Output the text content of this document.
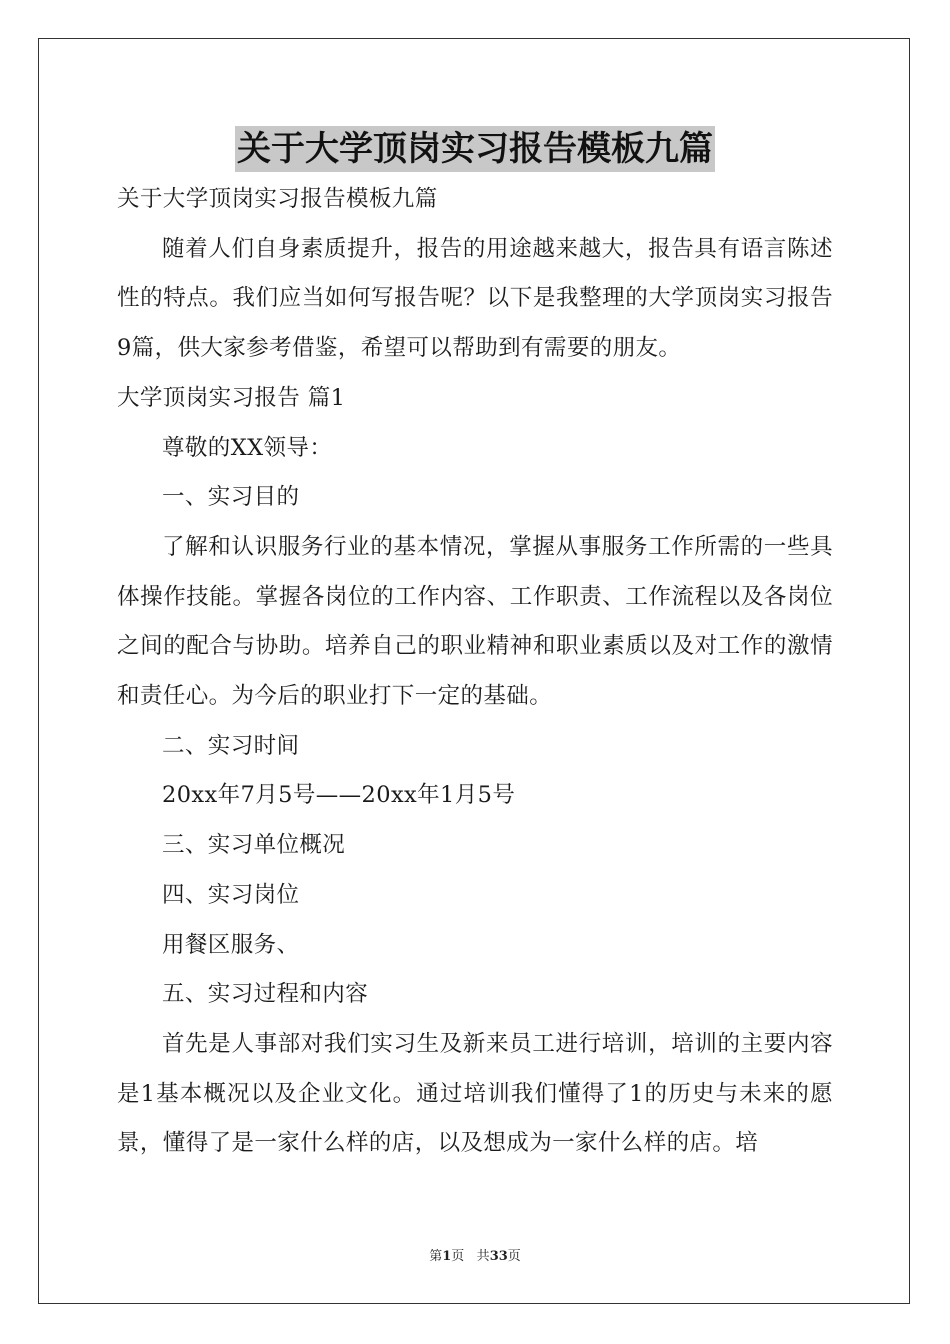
关于大学顶岗实习报告模板九篇

关于大学顶岗实习报告模板九篇

随着人们自身素质提升，报告的用途越来越大，报告具有语言陈述性的特点。我们应当如何写报告呢？以下是我整理的大学顶岗实习报告9篇，供大家参考借鉴，希望可以帮助到有需要的朋友。

大学顶岗实习报告 篇1

尊敬的XX领导：

一、实习目的

了解和认识服务行业的基本情况，掌握从事服务工作所需的一些具体操作技能。掌握各岗位的工作内容、工作职责、工作流程以及各岗位之间的配合与协助。培养自己的职业精神和职业素质以及对工作的激情和责任心。为今后的职业打下一定的基础。

二、实习时间

20xx年7月5号——20xx年1月5号

三、实习单位概况

四、实习岗位

用餐区服务、

五、实习过程和内容

首先是人事部对我们实习生及新来员工进行培训，培训的主要内容是1基本概况以及企业文化。通过培训我们懂得了1的历史与未来的愿景，懂得了是一家什么样的店，以及想成为一家什么样的店。培

第1页 共33页
